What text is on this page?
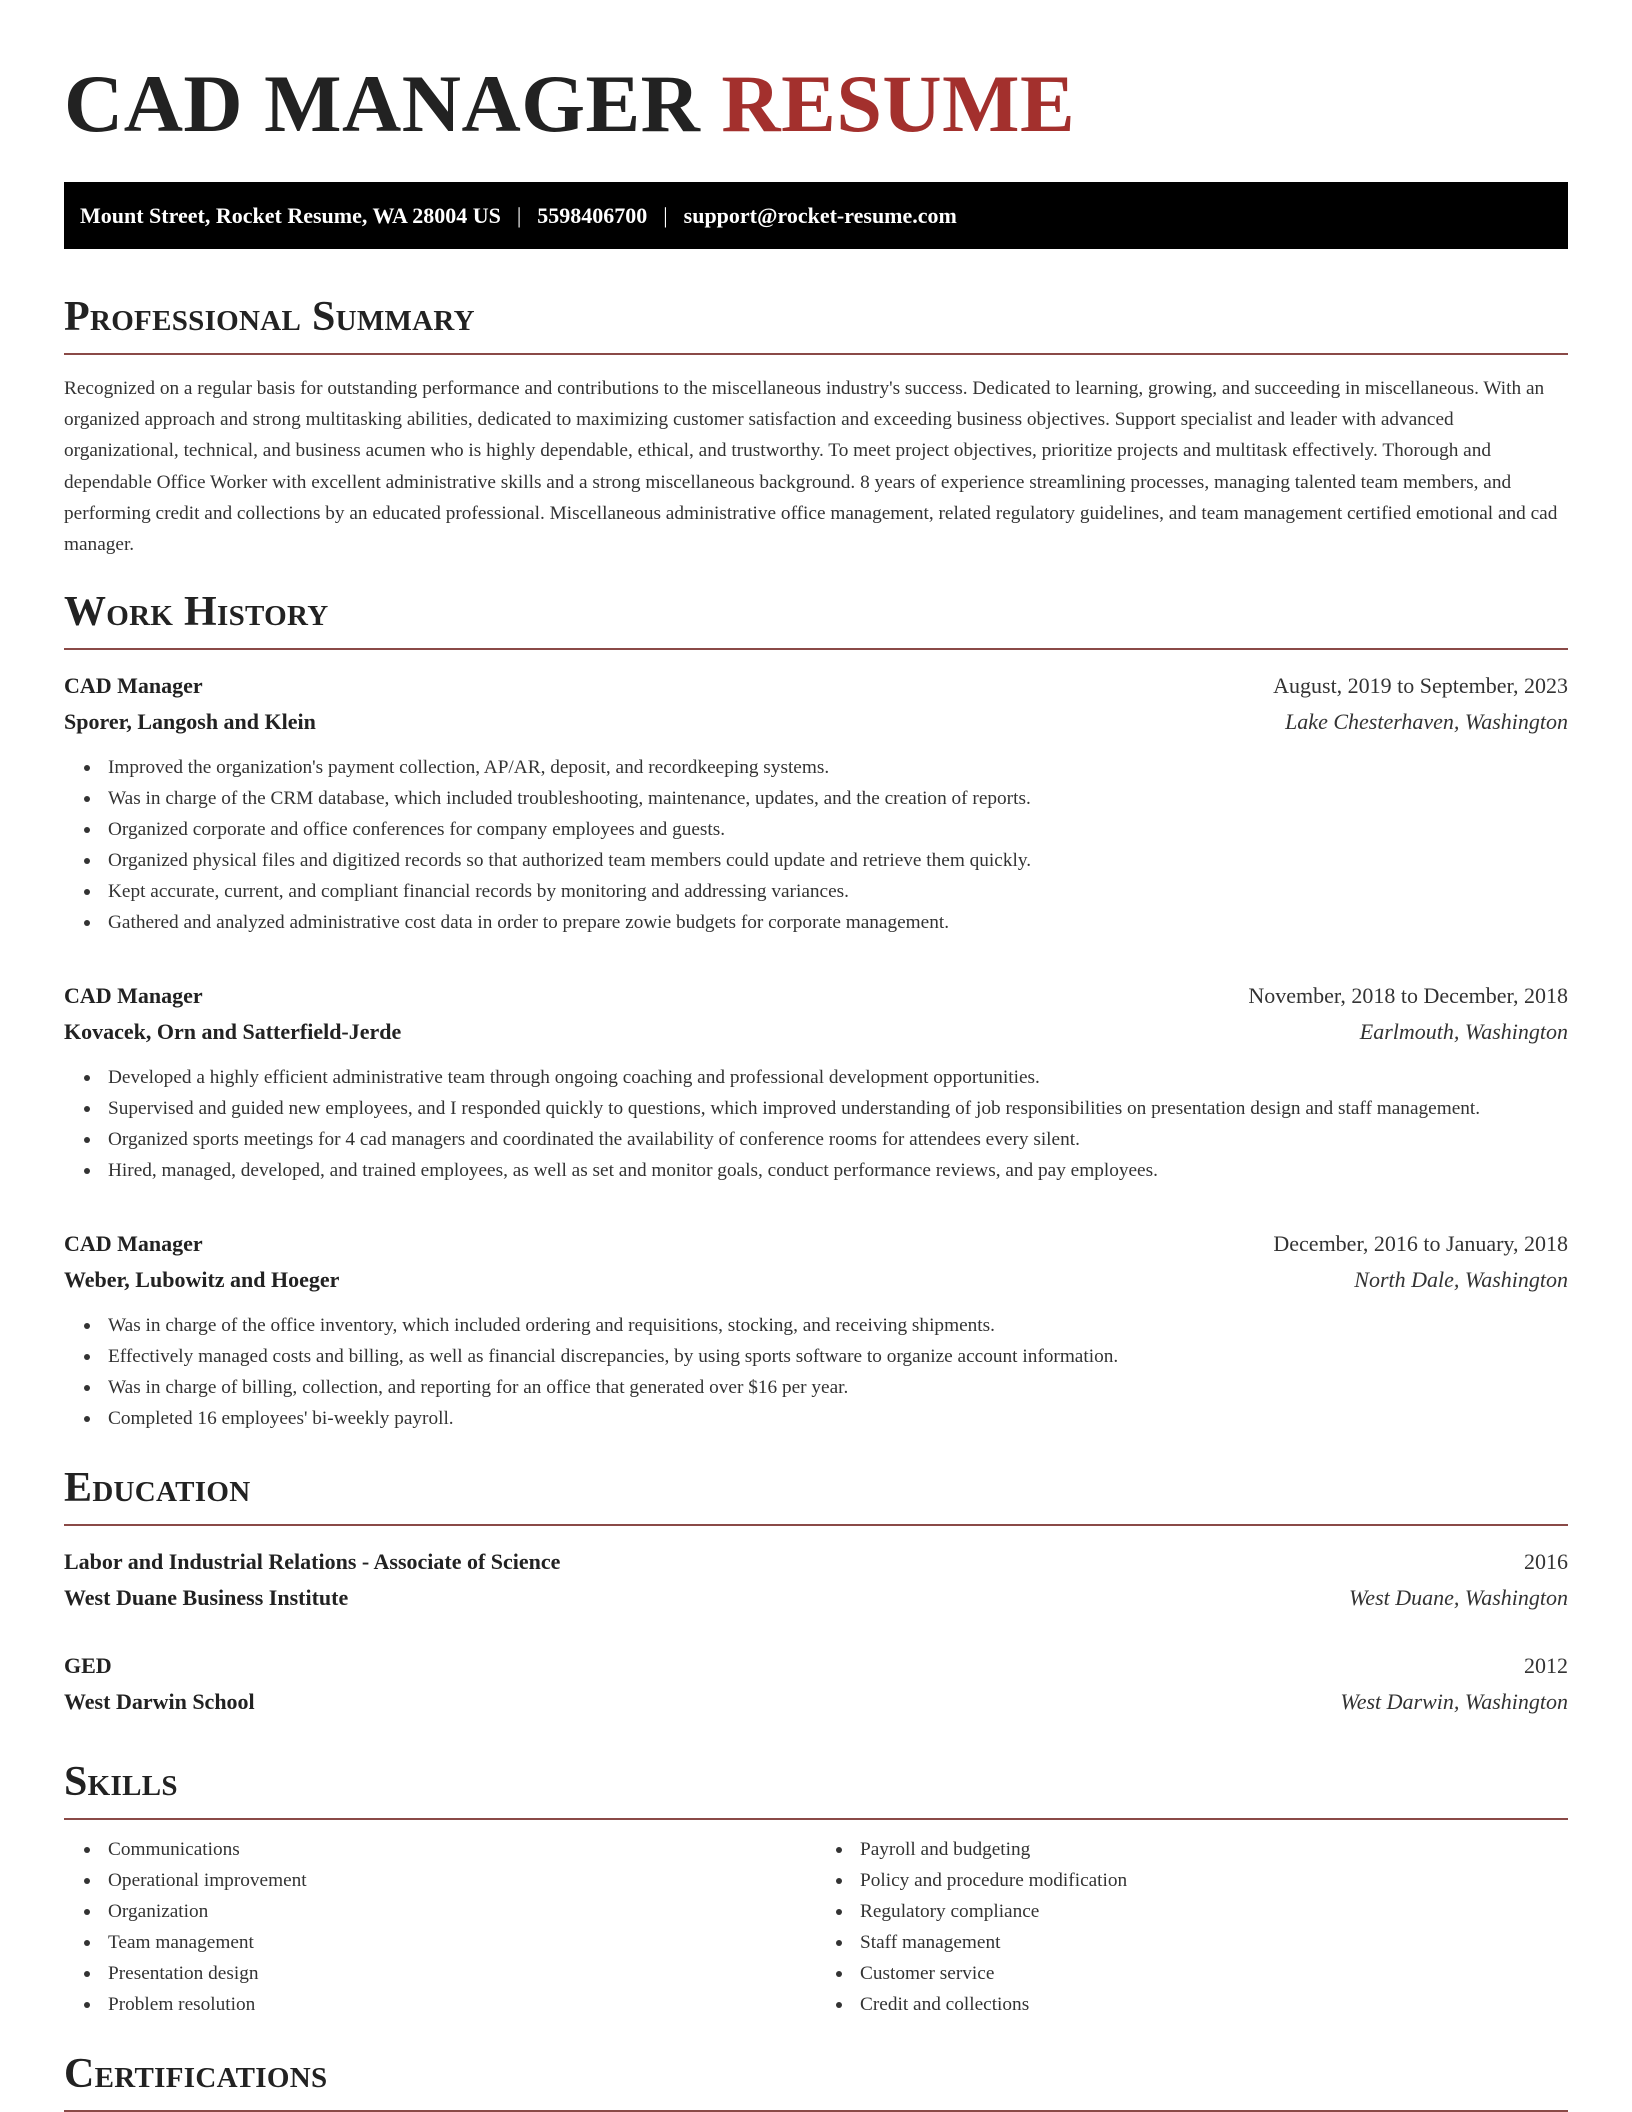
CAD MANAGER RESUME
Mount Street, Rocket Resume, WA 28004 US | 5598406700 | support@rocket-resume.com
Professional Summary

Recognized on a regular basis for outstanding performance and contributions to the miscellaneous industry's success. Dedicated to learning, growing, and succeeding in miscellaneous. With an organized approach and strong multitasking abilities, dedicated to maximizing customer satisfaction and exceeding business objectives. Support specialist and leader with advanced organizational, technical, and business acumen who is highly dependable, ethical, and trustworthy. To meet project objectives, prioritize projects and multitask effectively. Thorough and dependable Office Worker with excellent administrative skills and a strong miscellaneous background. 8 years of experience streamlining processes, managing talented team members, and performing credit and collections by an educated professional. Miscellaneous administrative office management, related regulatory guidelines, and team management certified emotional and cad manager.

Work History
CAD Manager	August, 2019 to September, 2023
Sporer, Langosh and Klein	Lake Chesterhaven, Washington
Improved the organization's payment collection, AP/AR, deposit, and recordkeeping systems.
Was in charge of the CRM database, which included troubleshooting, maintenance, updates, and the creation of reports.
Organized corporate and office conferences for company employees and guests.
Organized physical files and digitized records so that authorized team members could update and retrieve them quickly.
Kept accurate, current, and compliant financial records by monitoring and addressing variances.
Gathered and analyzed administrative cost data in order to prepare zowie budgets for corporate management.
CAD Manager	November, 2018 to December, 2018
Kovacek, Orn and Satterfield-Jerde	Earlmouth, Washington
Developed a highly efficient administrative team through ongoing coaching and professional development opportunities.
Supervised and guided new employees, and I responded quickly to questions, which improved understanding of job responsibilities on presentation design and staff management.
Organized sports meetings for 4 cad managers and coordinated the availability of conference rooms for attendees every silent.
Hired, managed, developed, and trained employees, as well as set and monitor goals, conduct performance reviews, and pay employees.
CAD Manager	December, 2016 to January, 2018
Weber, Lubowitz and Hoeger	North Dale, Washington
Was in charge of the office inventory, which included ordering and requisitions, stocking, and receiving shipments.
Effectively managed costs and billing, as well as financial discrepancies, by using sports software to organize account information.
Was in charge of billing, collection, and reporting for an office that generated over $16 per year.
Completed 16 employees' bi-weekly payroll.
Education
Labor and Industrial Relations - Associate of Science	2016
West Duane Business Institute	West Duane, Washington
GED	2012
West Darwin School	West Darwin, Washington
Skills
Communications
Operational improvement
Organization
Team management
Presentation design
Problem resolution
Payroll and budgeting
Policy and procedure modification
Regulatory compliance
Staff management
Customer service
Credit and collections
Certifications
